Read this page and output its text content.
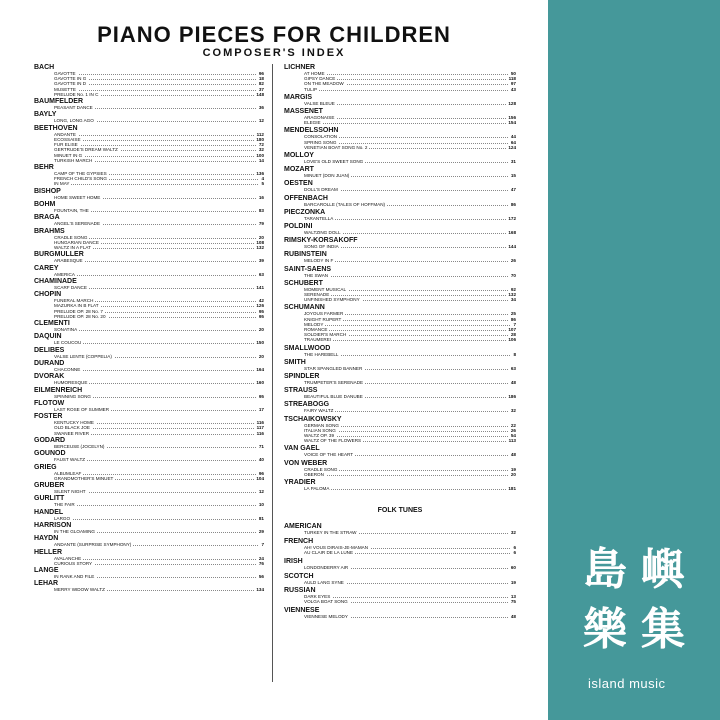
PIANO PIECES FOR CHILDREN
COMPOSER'S INDEX
BACH
GAVOTTE	96
GAVOTTE IN G	18
GAVOTTE IN D	82
MUSETTE	37
PRELUDE No. 1 IN C	148
BAUMFELDER
PEASANT DANCE	36
BAYLY
LONG, LONG AGO	12
BEETHOVEN
ANDANTE	112
ECOSSAISE	180
FUR ELISE	72
GERTRUDE'S DREAM WALTZ	32
MINUET IN G	100
TURKISH MARCH	14
BEHR
CAMP OF THE GYPSIES	136
FRENCH CHILD'S SONG	4
IN MAY	5
BISHOP
HOME SWEET HOME	16
BOHM
FOUNTAIN, THE	83
BRAGA
ANGEL'S SERENADE	79
BRAHMS
CRADLE SONG	20
HUNGARIAN DANCE	108
WALTZ IN A FLAT	132
BURGMULLER
ARABESQUE	39
CAREY
AMERICA	63
CHAMINADE
SCARF DANCE	141
CHOPIN
FUNERAL MARCH	42
MAZURKA IN B FLAT	126
PRELUDE OP. 28 No. 7	95
PRELUDE OP. 28 No. 20	95
CLEMENTI
SONATINA	20
DAQUIN
LE COUCOU	150
DELIBES
VALSE LENTE (COPPELIA)	20
DURAND
CHACONNE	164
DVORAK
HUMORESQUE	160
EILMENREICH
SPINNING SONG	95
FLOTOW
LAST ROSE OF SUMMER	17
FOSTER
KENTUCKY HOME	116
OLD BLACK JOE	117
SWANEE RIVER	116
GODARD
BERCEUSE (JOCELYN)	71
GOUNOD
FAUST WALTZ	40
GRIEG
ALBUMLEAF	96
GRANDMOTHER'S MINUET	104
GRUBER
SILENT NIGHT	12
GURLITT
THE FAIR	10
HANDEL
LARGO	81
HARRISON
IN THE GLOAMING	29
HAYDN
ANDANTE (SURPRISE SYMPHONY)	7
HELLER
AVALANCHE	24
CURIOUS STORY	76
LANGE
IN RANK AND FILE	56
LEHAR
MERRY WIDOW WALTZ	134
LICHNER
AT HOME	50
GIPSY DANCE	118
ON THE MEADOW	97
TULIP	43
MARGIS
VALSE BLEUE	128
MASSENET
ARAGONAISE	156
ELEGIE	154
MENDELSSOHN
CONSOLATION	44
SPRING SONG	64
VENETIAN BOAT SONG No. 2	124
MOLLOY
LOVE'S OLD SWEET SONG	31
MOZART
MINUET (DON JUAN)	15
OESTEN
DOLL'S DREAM	47
OFFENBACH
BARCAROLLE (TALES OF HOFFMAN)	86
PIECZONKA
TARANTELLA	172
POLDINI
WALTZING DOLL	168
RIMSKY-KORSAKOFF
SONG OF INDIA	144
RUBINSTEIN
MELODY IN F	26
SAINT-SAENS
THE SWAN	70
SCHUBERT
MOMENT MUSICAL	92
SERENADE	132
UNFINISHED SYMPHONY	34
SCHUMANN
JOYOUS FARMER	25
KNIGHT RUPERT	86
MELODY	7
ROMANCE	107
SOLDIER'S MARCH	28
TRAUMEREI	106
SMALLWOOD
THE HAREBELL	8
SMITH
STAR SPANGLED BANNER	63
SPINDLER
TRUMPETER'S SERENADE	48
STRAUSS
BEAUTIFUL BLUE DANUBE	186
STREABOGG
FAIRY WALTZ	32
TSCHAIKOWSKY
GERMAN SONG	22
ITALIAN SONG	26
WALTZ OP. 39	54
WALTZ OF THE FLOWERS	113
VAN GAEL
VOICE OF THE HEART	48
VON WEBER
CRADLE SONG	19
OBERON	20
YRADIER
LA PALOMA	181
FOLK TUNES
AMERICAN
TURKEY IN THE STRAW	32
FRENCH
AH! VOUS DIRAIS-JE-MAMAN	6
AU CLAIR DE LA LUNE	6
IRISH
LONDONDERRY AIR	60
SCOTCH
AULD LANG SYNE	19
RUSSIAN
DARK EYES	13
VOLGA BOAT SONG	75
VIENNESE
VIENNESE MELODY	48
島 嶼
樂 集
island music
